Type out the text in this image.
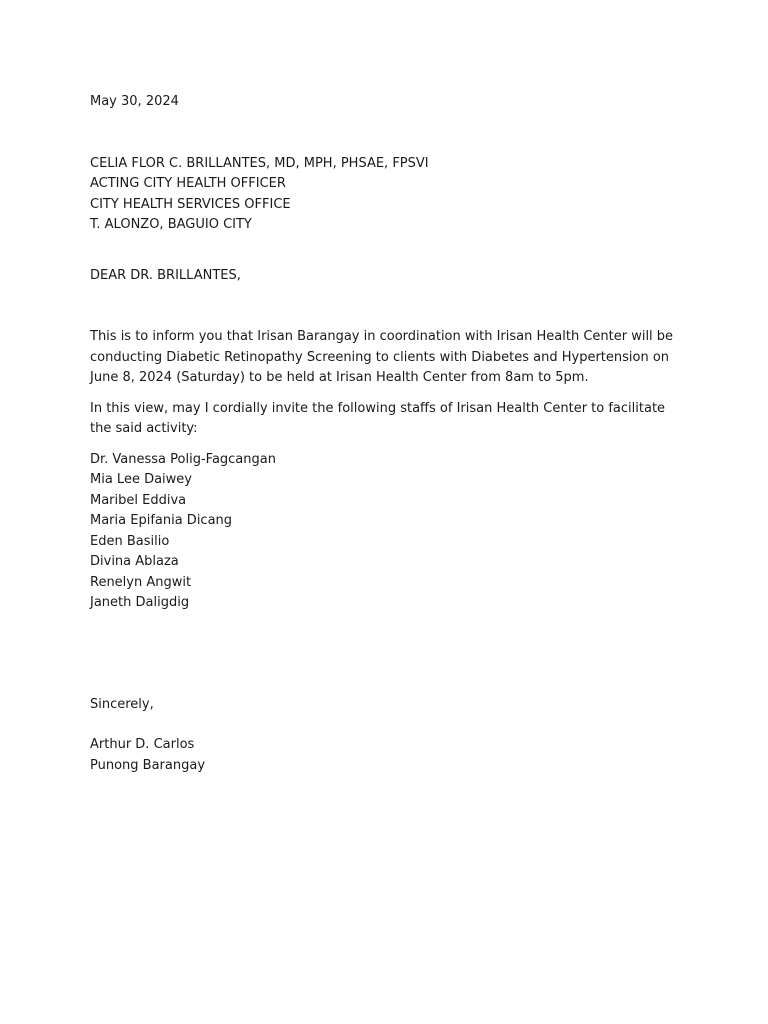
May 30, 2024

CELIA FLOR C. BRILLANTES, MD, MPH, PHSAE, FPSVI

ACTING CITY HEALTH OFFICER

CITY HEALTH SERVICES OFFICE

T. ALONZO, BAGUIO CITY

DEAR DR. BRILLANTES,

This is to inform you that Irisan Barangay in coordination with Irisan Health Center will be conducting Diabetic Retinopathy Screening to clients with Diabetes and Hypertension on June 8, 2024 (Saturday) to be held at Irisan Health Center from 8am to 5pm.

In this view, may I cordially invite the following staffs of Irisan Health Center to facilitate the said activity:

Dr. Vanessa Polig-Fagcangan
Mia Lee Daiwey
Maribel Eddiva
Maria Epifania Dicang
Eden Basilio
Divina Ablaza
Renelyn Angwit
Janeth Daligdig

Sincerely,

Arthur D. Carlos

Punong Barangay
